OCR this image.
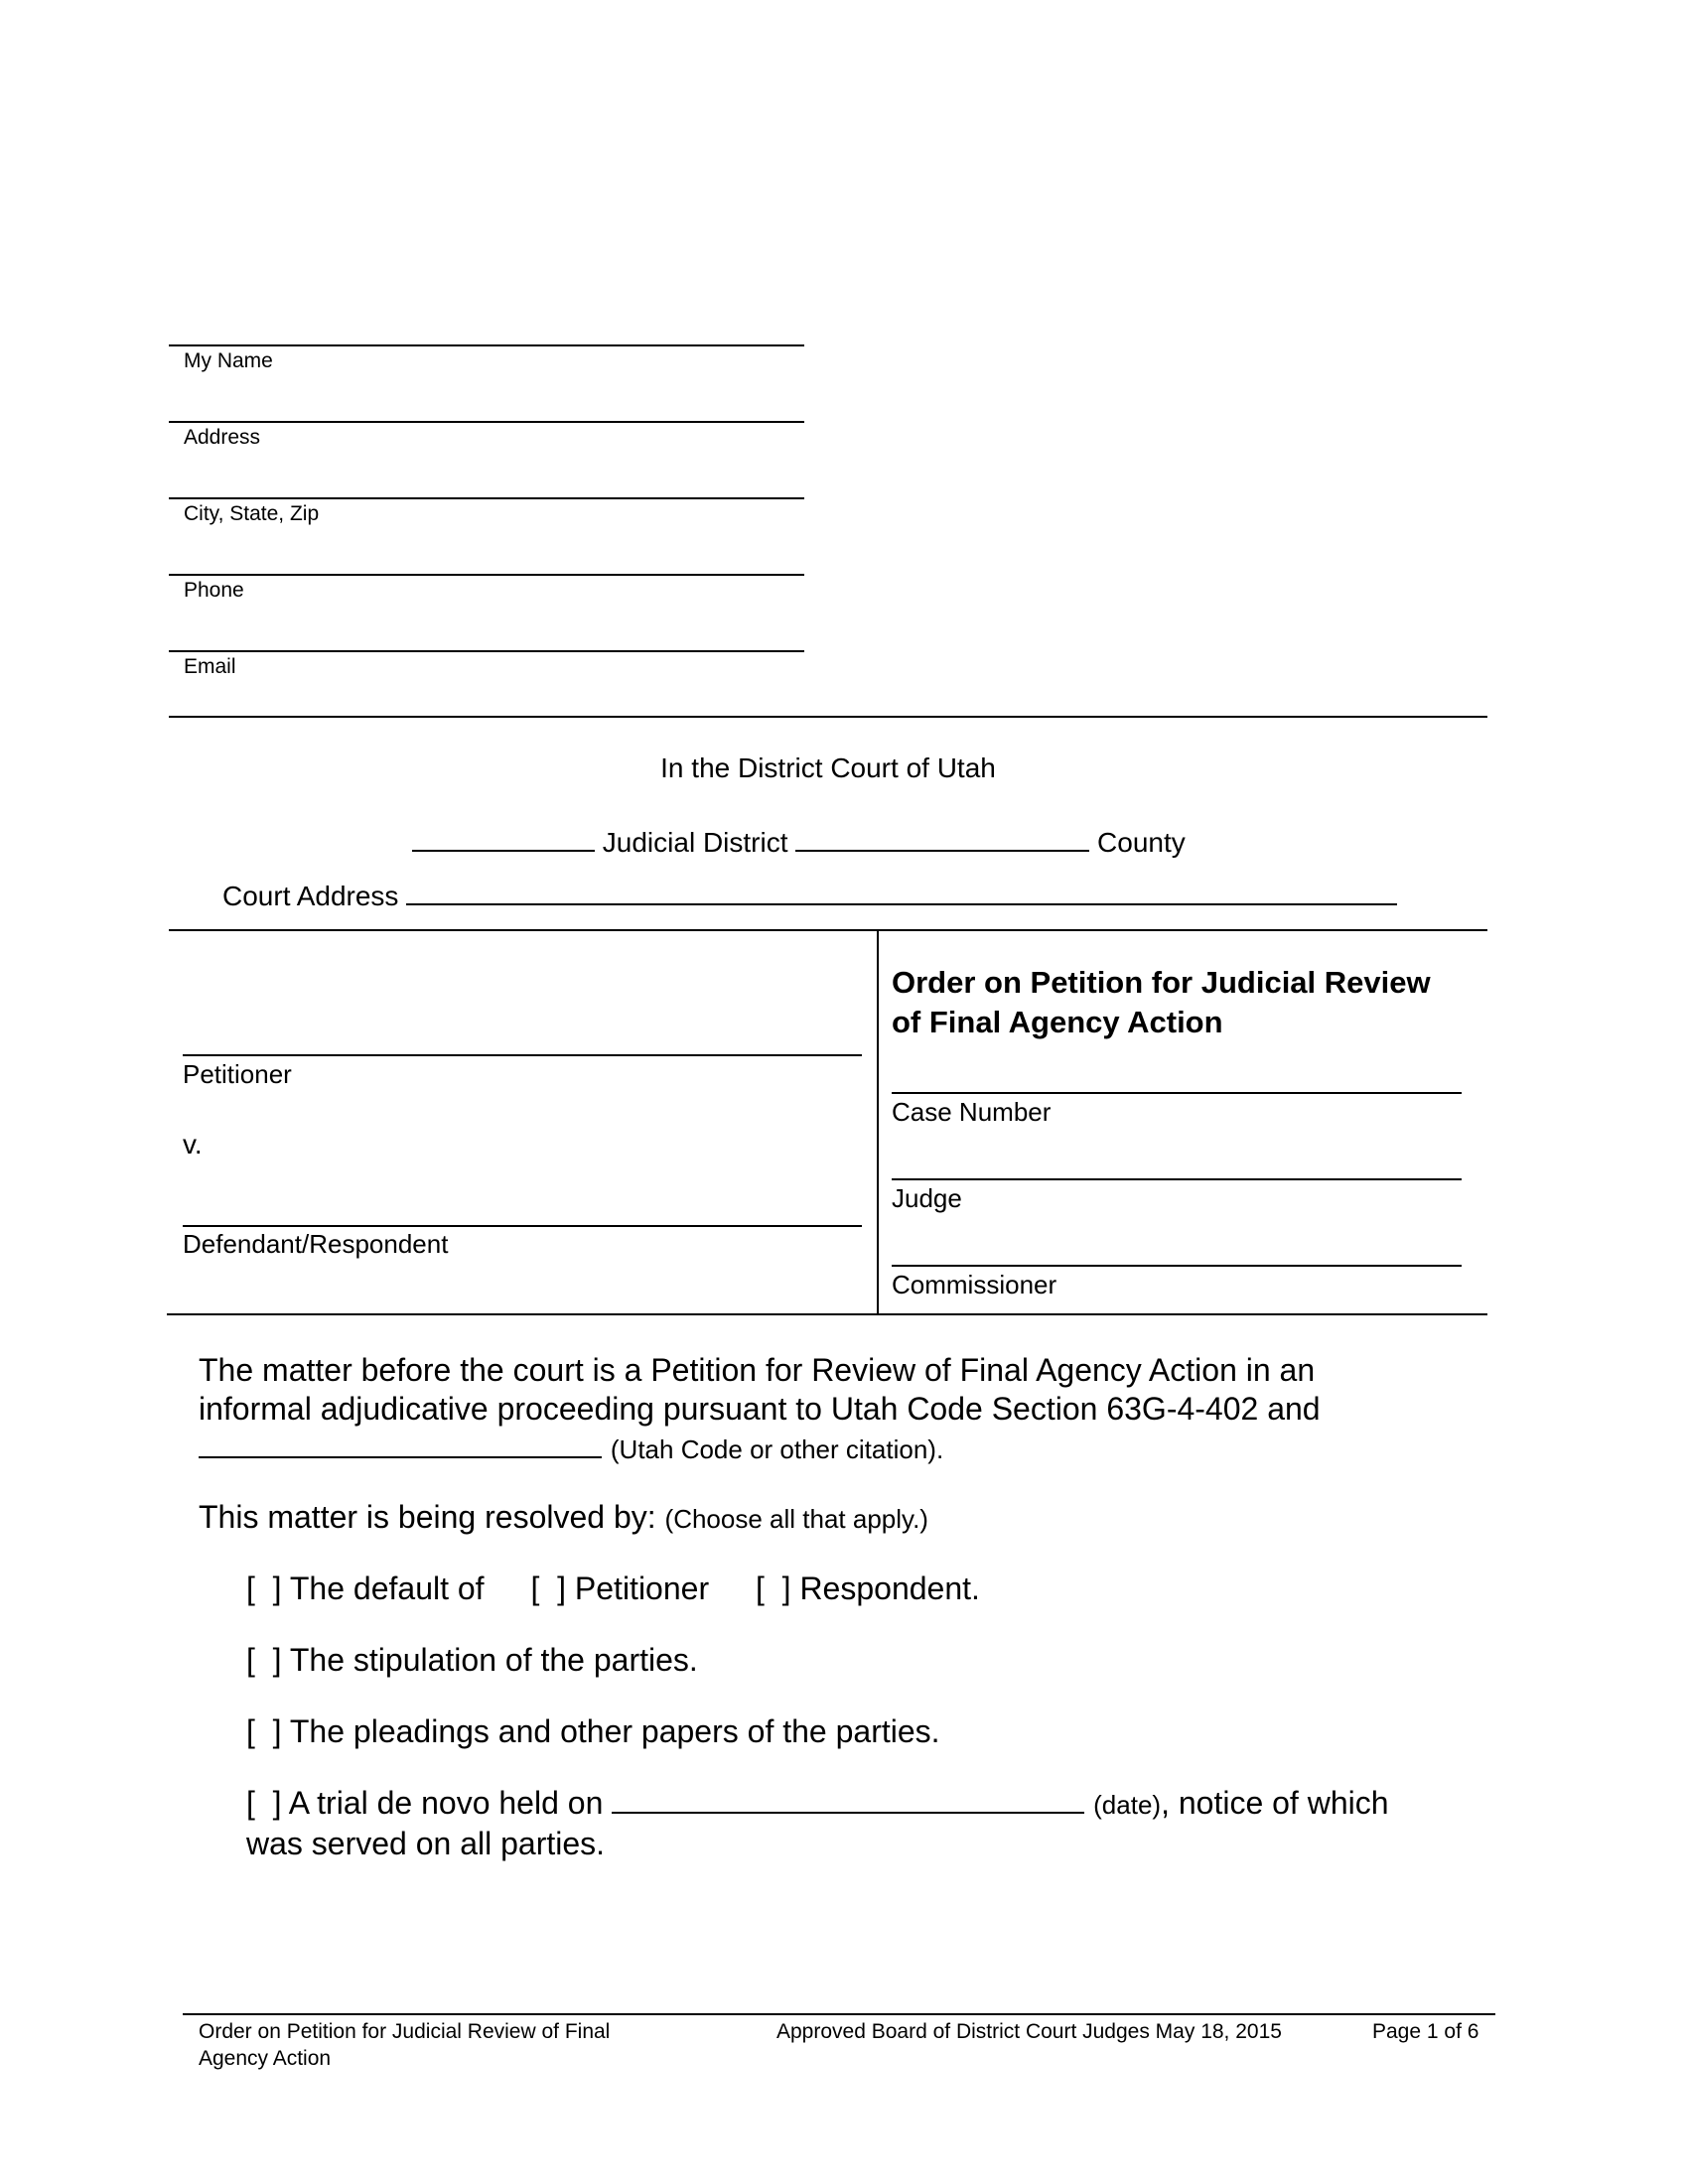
My Name
Address
City, State, Zip
Phone
Email
In the District Court of Utah
Judicial District	County
Court Address
Petitioner
v.
Defendant/Respondent
Order on Petition for Judicial Review
of Final Agency Action
Case Number
Judge
Commissioner
The matter before the court is a Petition for Review of Final Agency Action in an
informal adjudicative proceeding pursuant to Utah Code Section 63G-4-402 and
(Utah Code or other citation).
This matter is being resolved by: (Choose all that apply.)
[  ] The default of [  ] Petitioner [  ] Respondent.
[  ] The stipulation of the parties.
[  ] The pleadings and other papers of the parties.
[  ] A trial de novo held on	(date), notice of which
was served on all parties.
Order on Petition for Judicial Review of Final
Agency Action
Approved Board of District Court Judges May 18, 2015	Page 1 of 6
